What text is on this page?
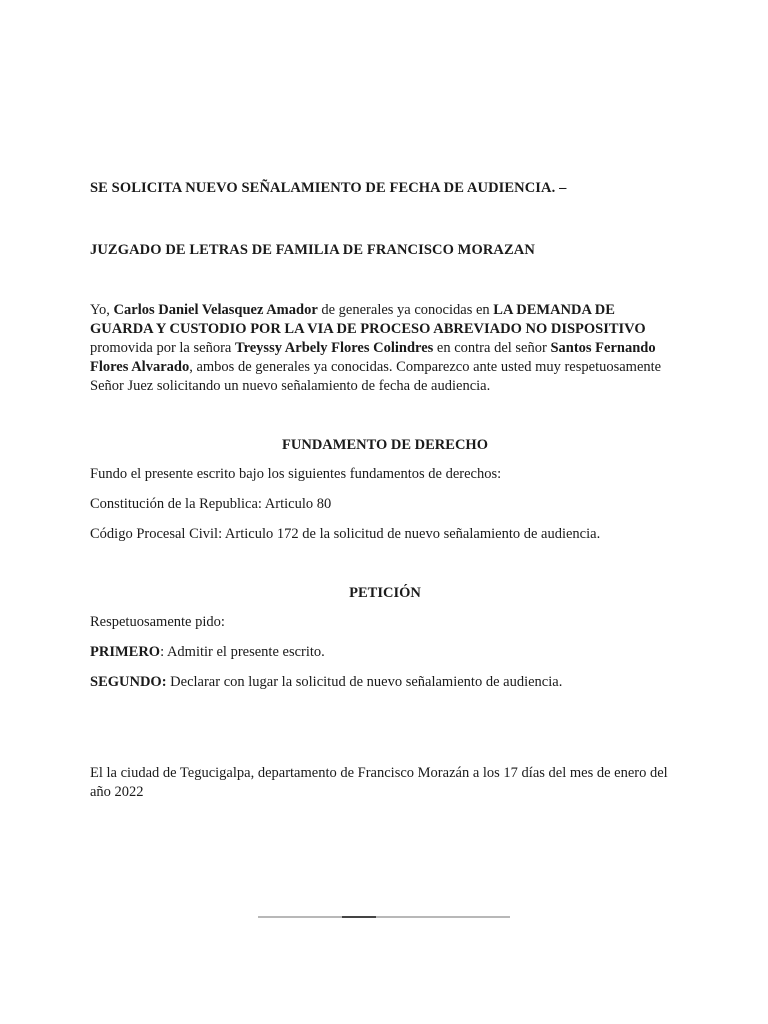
SE SOLICITA NUEVO SEÑALAMIENTO DE FECHA DE AUDIENCIA. –
JUZGADO DE LETRAS DE FAMILIA DE FRANCISCO MORAZAN
Yo, Carlos Daniel Velasquez Amador de generales ya conocidas en LA DEMANDA DE GUARDA Y CUSTODIO POR LA VIA DE PROCESO ABREVIADO NO DISPOSITIVO promovida por la señora Treyssy Arbely Flores Colindres en contra del señor Santos Fernando Flores Alvarado, ambos de generales ya conocidas. Comparezco ante usted muy respetuosamente Señor Juez solicitando un nuevo señalamiento de fecha de audiencia.
FUNDAMENTO DE DERECHO
Fundo el presente escrito bajo los siguientes fundamentos de derechos:
Constitución de la Republica: Articulo 80
Código Procesal Civil: Articulo 172 de la solicitud de nuevo señalamiento de audiencia.
PETICIÓN
Respetuosamente pido:
PRIMERO: Admitir el presente escrito.
SEGUNDO: Declarar con lugar la solicitud de nuevo señalamiento de audiencia.
El la ciudad de Tegucigalpa, departamento de Francisco Morazán a los 17 días del mes de enero del año 2022
